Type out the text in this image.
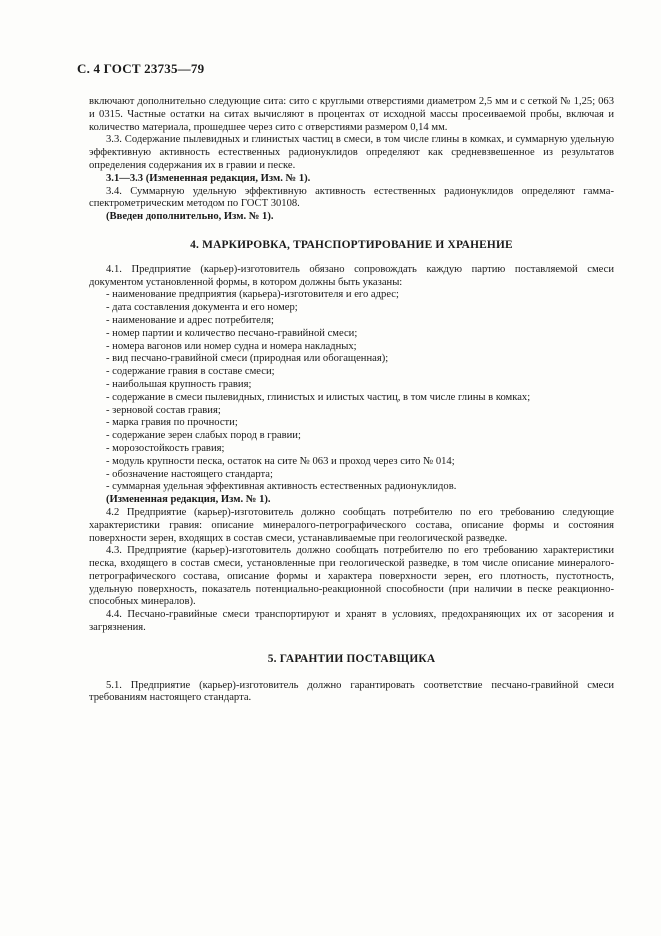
С. 4 ГОСТ 23735—79

включают дополнительно следующие сита: сито с круглыми отверстиями диаметром 2,5 мм и с сеткой № 1,25; 063 и 0315. Частные остатки на ситах вычисляют в процентах от исходной массы просеиваемой пробы, включая и количество материала, прошедшее через сито с отверстиями размером 0,14 мм.

3.3. Содержание пылевидных и глинистых частиц в смеси, в том числе глины в комках, и суммарную удельную эффективную активность естественных радионуклидов определяют как средневзвешенное из результатов определения содержания их в гравии и песке.

3.1—3.3 (Измененная редакция, Изм. № 1).

3.4. Суммарную удельную эффективную активность естественных радионуклидов определяют гамма-спектрометрическим методом по ГОСТ 30108.

(Введен дополнительно, Изм. № 1).

4. МАРКИРОВКА, ТРАНСПОРТИРОВАНИЕ И ХРАНЕНИЕ

4.1. Предприятие (карьер)-изготовитель обязано сопровождать каждую партию поставляемой смеси документом установленной формы, в котором должны быть указаны:

- наименование предприятия (карьера)-изготовителя и его адрес;
- дата составления документа и его номер;
- наименование и адрес потребителя;
- номер партии и количество песчано-гравийной смеси;
- номера вагонов или номер судна и номера накладных;
- вид песчано-гравийной смеси (природная или обогащенная);
- содержание гравия в составе смеси;
- наибольшая крупность гравия;
- содержание в смеси пылевидных, глинистых и илистых частиц, в том числе глины в комках;
- зерновой состав гравия;
- марка гравия по прочности;
- содержание зерен слабых пород в гравии;
- морозостойкость гравия;
- модуль крупности песка, остаток на сите № 063 и проход через сито № 014;
- обозначение настоящего стандарта;
- суммарная удельная эффективная активность естественных радионуклидов.

(Измененная редакция, Изм. № 1).

4.2 Предприятие (карьер)-изготовитель должно сообщать потребителю по его требованию следующие характеристики гравия: описание минералого-петрографического состава, описание формы и состояния поверхности зерен, входящих в состав смеси, устанавливаемые при геологической разведке.

4.3. Предприятие (карьер)-изготовитель должно сообщать потребителю по его требованию характеристики песка, входящего в состав смеси, установленные при геологической разведке, в том числе описание минералого-петрографического состава, описание формы и характера поверхности зерен, его плотность, пустотность, удельную поверхность, показатель потенциально-реакционной способности (при наличии в песке реакционно-способных минералов).

4.4. Песчано-гравийные смеси транспортируют и хранят в условиях, предохраняющих их от засорения и загрязнения.

5. ГАРАНТИИ ПОСТАВЩИКА

5.1. Предприятие (карьер)-изготовитель должно гарантировать соответствие песчано-гравийной смеси требованиям настоящего стандарта.
